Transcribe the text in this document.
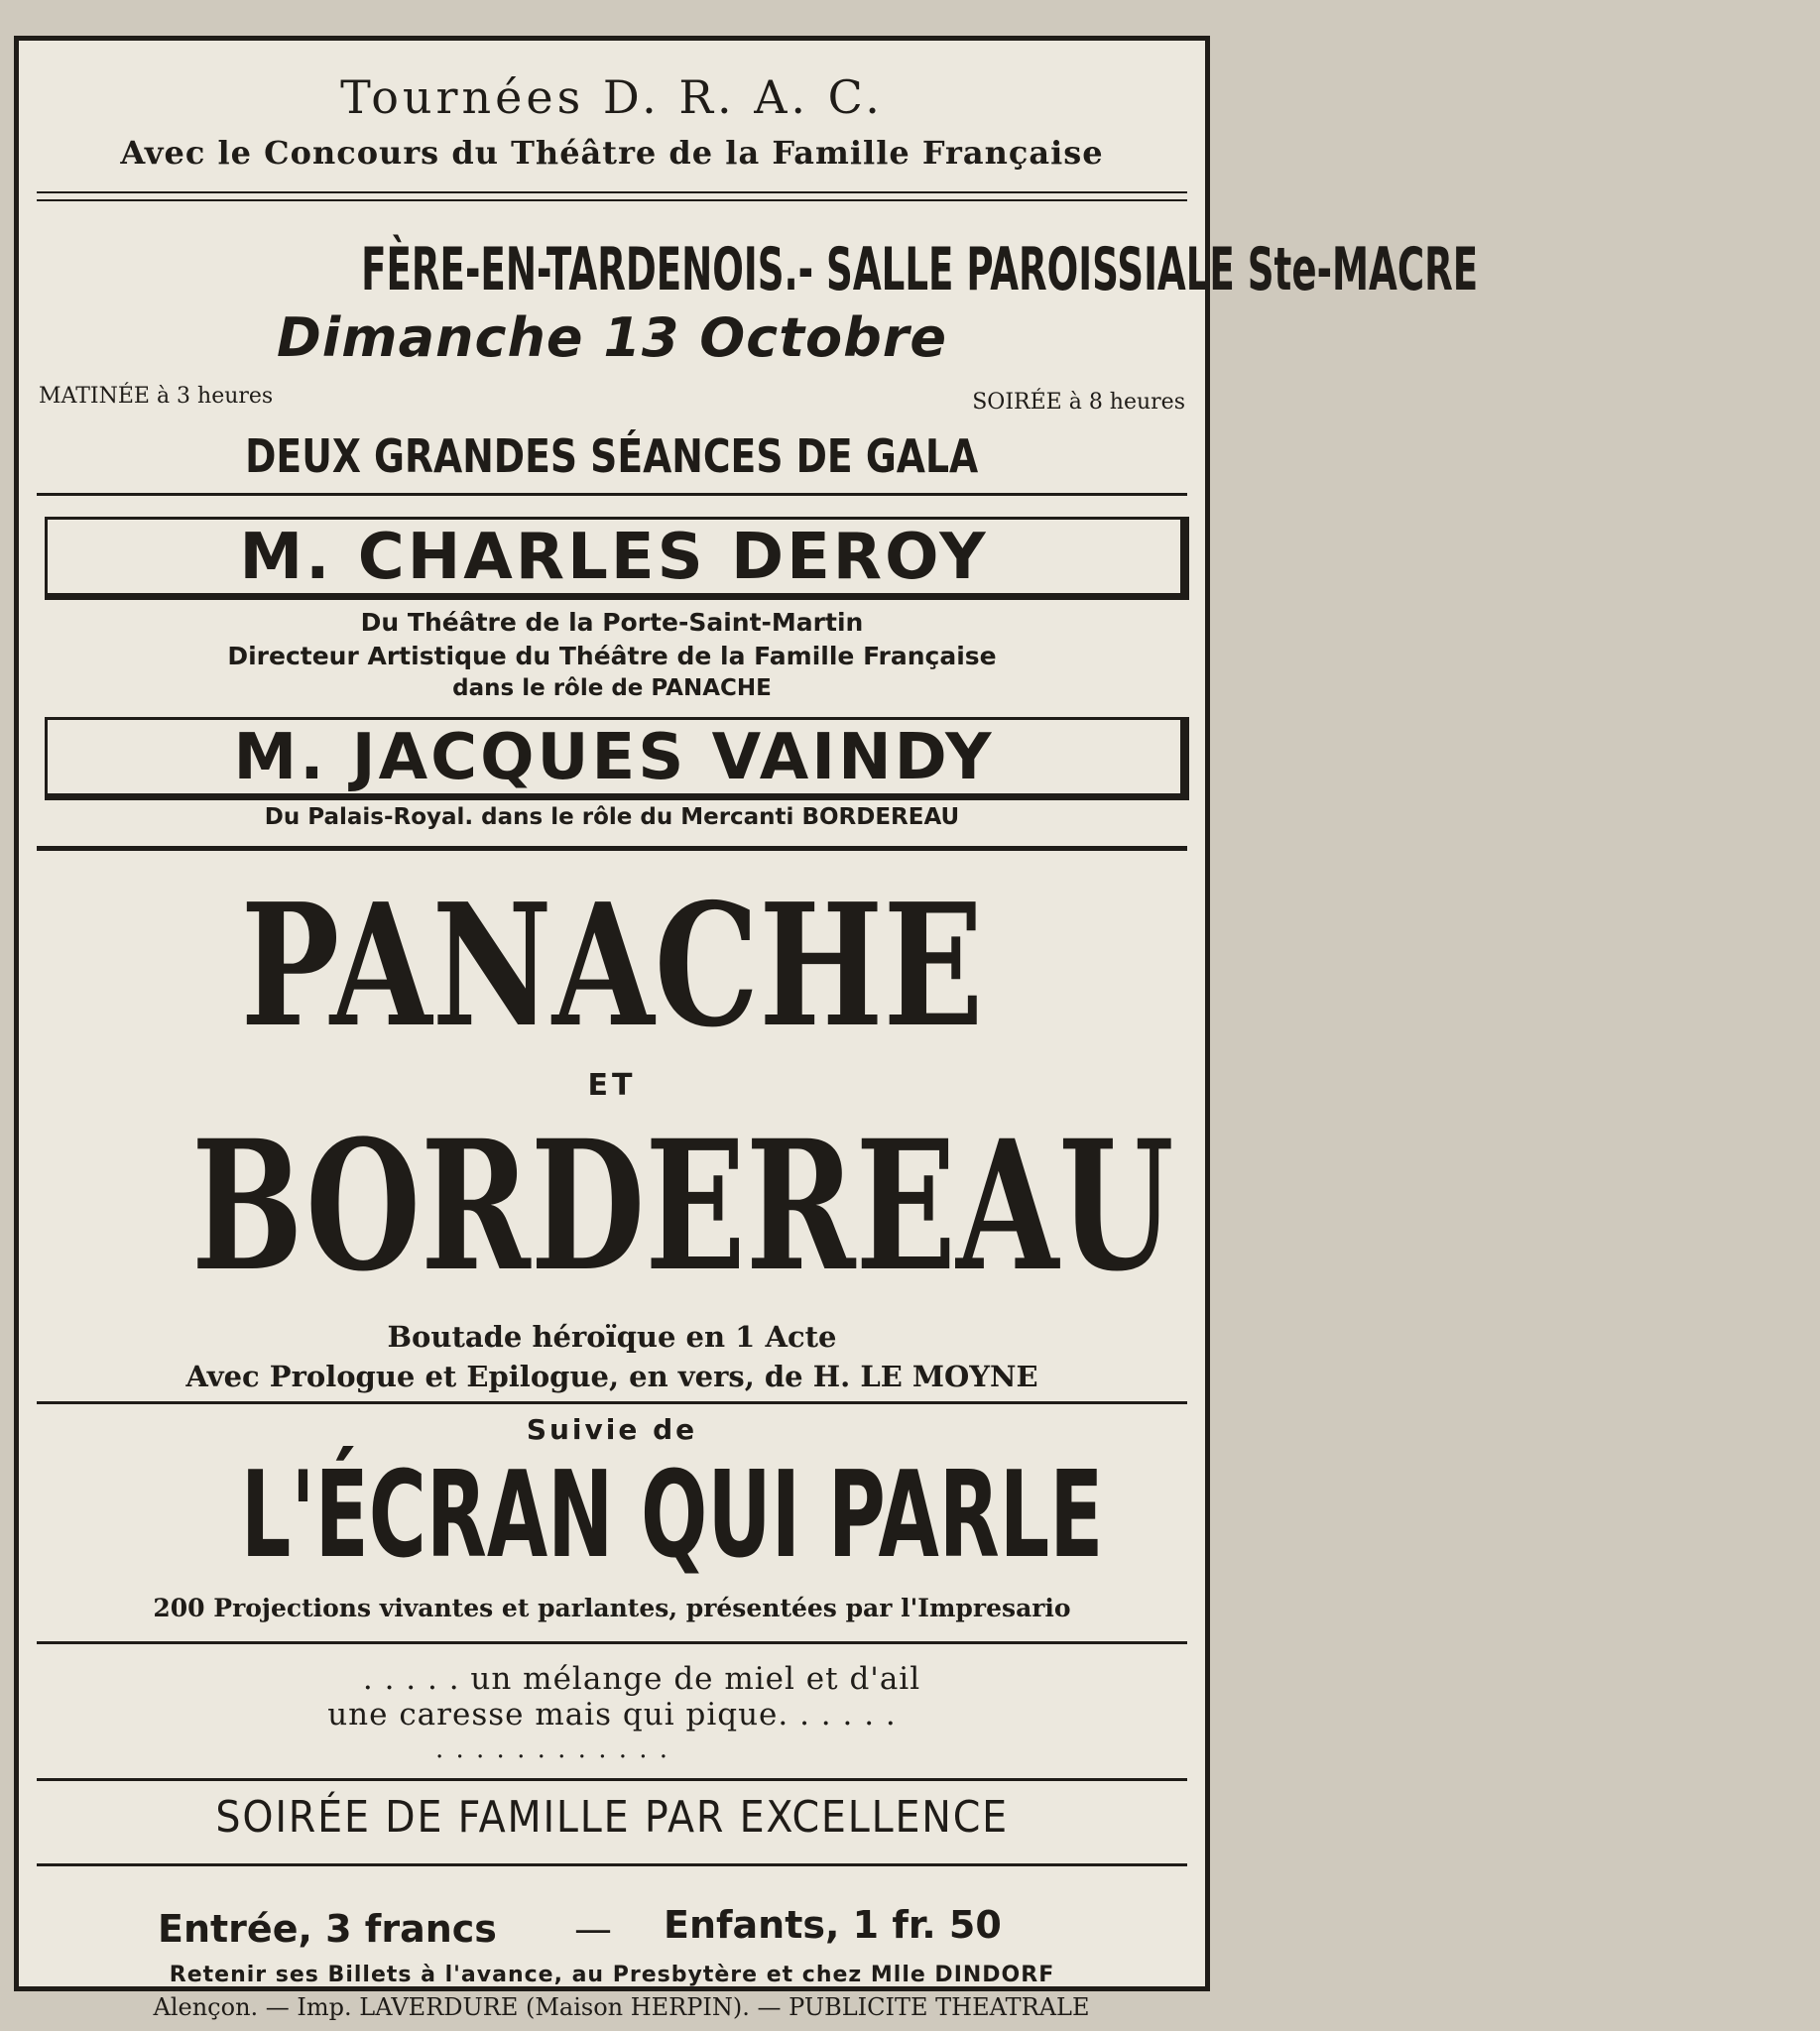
Tournées D. R. A. C.
Avec le Concours du Théâtre de la Famille Française
FÈRE-EN-TARDENOIS.- SALLE PAROISSIALE Ste-MACRE
Dimanche 13 Octobre
MATINÉE à 3 heures	SOIRÉE à 8 heures
DEUX GRANDES SÉANCES DE GALA
M. CHARLES DEROY
Du Théâtre de la Porte-Saint-Martin
Directeur Artistique du Théâtre de la Famille Française
dans le rôle de PANACHE
M. JACQUES VAINDY
Du Palais-Royal. dans le rôle du Mercanti BORDEREAU
PANACHE
ET
BORDEREAU
Boutade héroïque en 1 Acte
Avec Prologue et Epilogue, en vers, de H. LE MOYNE
Suivie de
L'ÉCRAN QUI PARLE
200 Projections vivantes et parlantes, présentées par l'Impresario
. . . . . un mélange de miel et d'ail
une caresse mais qui pique. . . . . .
. . . . . . . . . . . .
SOIRÉE DE FAMILLE PAR EXCELLENCE
Entrée, 3 francs — Enfants, 1 fr. 50
Retenir ses Billets à l'avance, au Presbytère et chez Mlle DINDORF
Alençon. — Imp. LAVERDURE (Maison HERPIN). — PUBLICITE THEATRALE
